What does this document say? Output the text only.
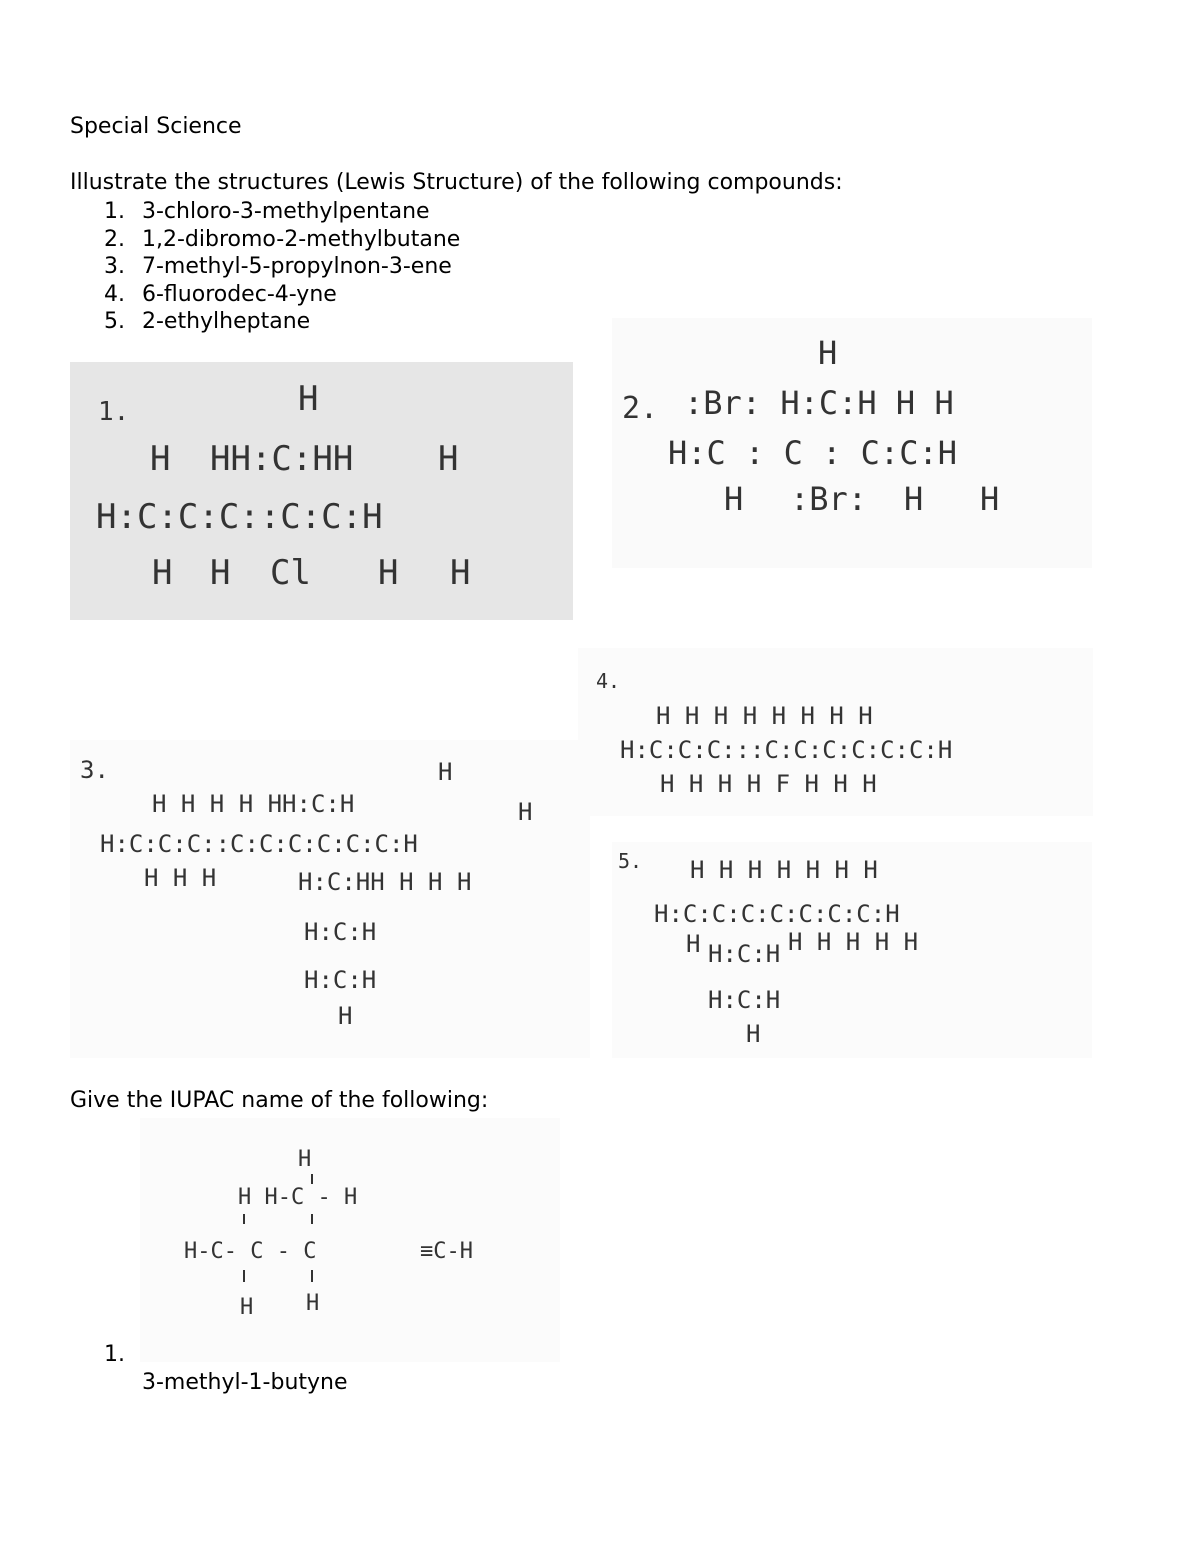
Special Science
Illustrate the structures (Lewis Structure) of the following compounds:
1. 3-chloro-3-methylpentane
2. 1,2-dibromo-2-methylbutane
3. 7-methyl-5-propylnon-3-ene
4. 6-fluorodec-4-yne
5. 2-ethylheptane
1.	H
H HH:C:HH H
H:C:C:C::C:C:H
H H Cl H H
2.
H
:Br: H:C:H H H
H:C : C : C:C:H
H :Br: H H
3.	H
H H H H HH:C:H	H
H:C:C:C::C:C:C:C:C:C:H
H H H	H:C:HH H H H
H:C:H
H:C:H
H
4.
H H H H H H H H
H:C:C:C:::C:C:C:C:C:C:H
H H H H F H H H
5. H H H H H H H
H:C:C:C:C:C:C:C:H
H H:C:H H H H H H
H:C:H
H
Give the IUPAC name of the following:
H
H H-C - H
H-C- C - C	≡C-H
H H
1.
3-methyl-1-butyne
